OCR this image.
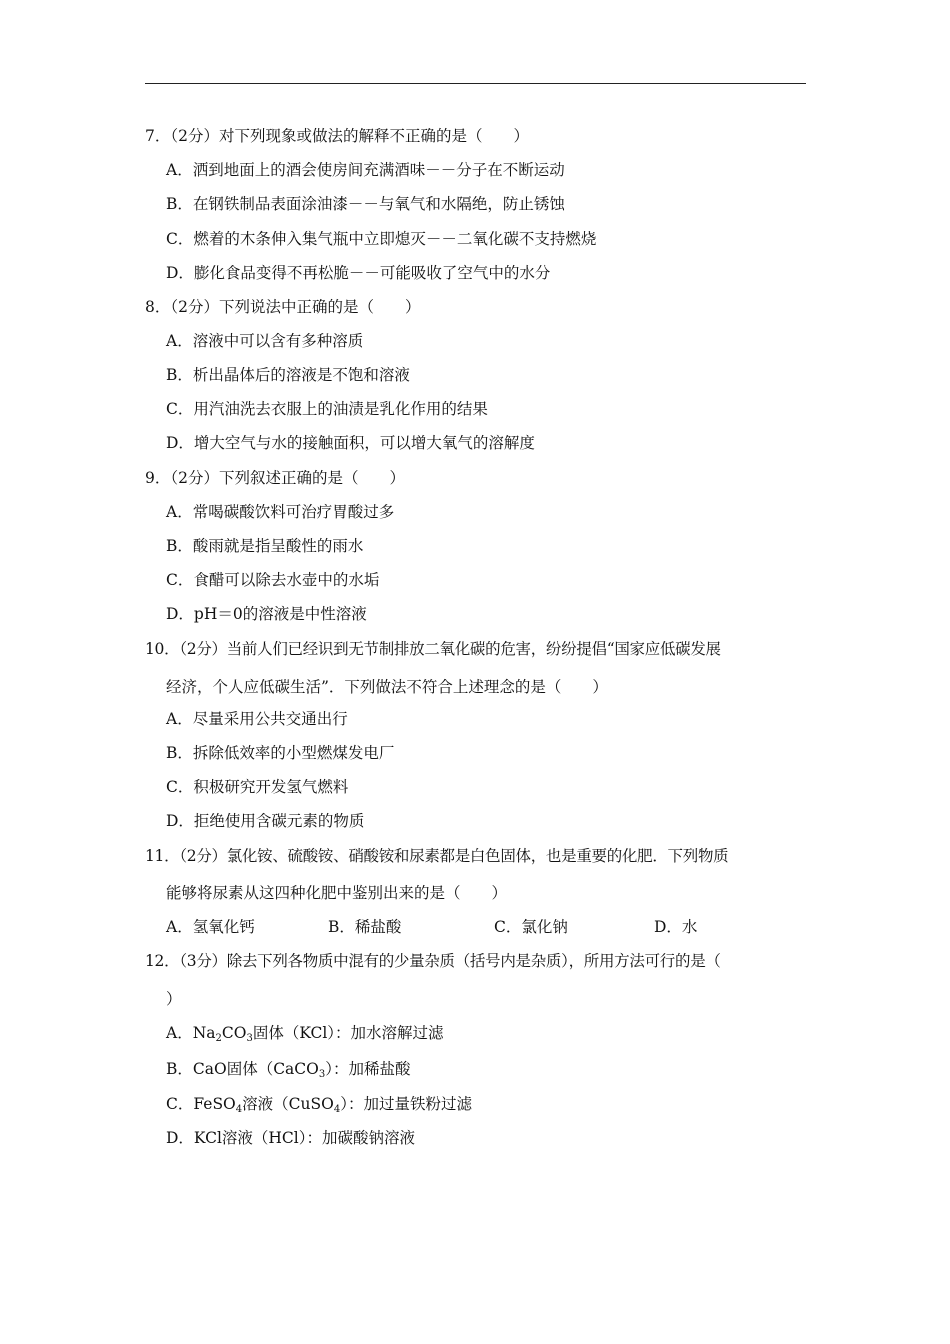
7．（2分）对下列现象或做法的解释不正确的是（　　）
A．洒到地面上的酒会使房间充满酒味－－分子在不断运动
B．在钢铁制品表面涂油漆－－与氧气和水隔绝，防止锈蚀
C．燃着的木条伸入集气瓶中立即熄灭－－二氧化碳不支持燃烧
D．膨化食品变得不再松脆－－可能吸收了空气中的水分
8．（2分）下列说法中正确的是（　　）
A．溶液中可以含有多种溶质
B．析出晶体后的溶液是不饱和溶液
C．用汽油洗去衣服上的油渍是乳化作用的结果
D．增大空气与水的接触面积，可以增大氧气的溶解度
9．（2分）下列叙述正确的是（　　）
A．常喝碳酸饮料可治疗胃酸过多
B．酸雨就是指呈酸性的雨水
C．食醋可以除去水壶中的水垢
D．pH＝0的溶液是中性溶液
10．（2分）当前人们已经识到无节制排放二氧化碳的危害，纷纷提倡“国家应低碳发展
经济，个人应低碳生活”．下列做法不符合上述理念的是（　　）
A．尽量采用公共交通出行
B．拆除低效率的小型燃煤发电厂
C．积极研究开发氢气燃料
D．拒绝使用含碳元素的物质
11．（2分）氯化铵、硫酸铵、硝酸铵和尿素都是白色固体，也是重要的化肥．下列物质
能够将尿素从这四种化肥中鉴别出来的是（　　）
A．氢氧化钙	B．稀盐酸	C．氯化钠	D．水
12．（3分）除去下列各物质中混有的少量杂质（括号内是杂质），所用方法可行的是（
）
A．$Na_2CO_3$固体（KCl）：加水溶解过滤
B．CaO固体（CaCO$_3$）：加稀盐酸
C．FeSO$_4$溶液（CuSO$_4$）：加过量铁粉过滤
D．KCl溶液（HCl）：加碳酸钠溶液
